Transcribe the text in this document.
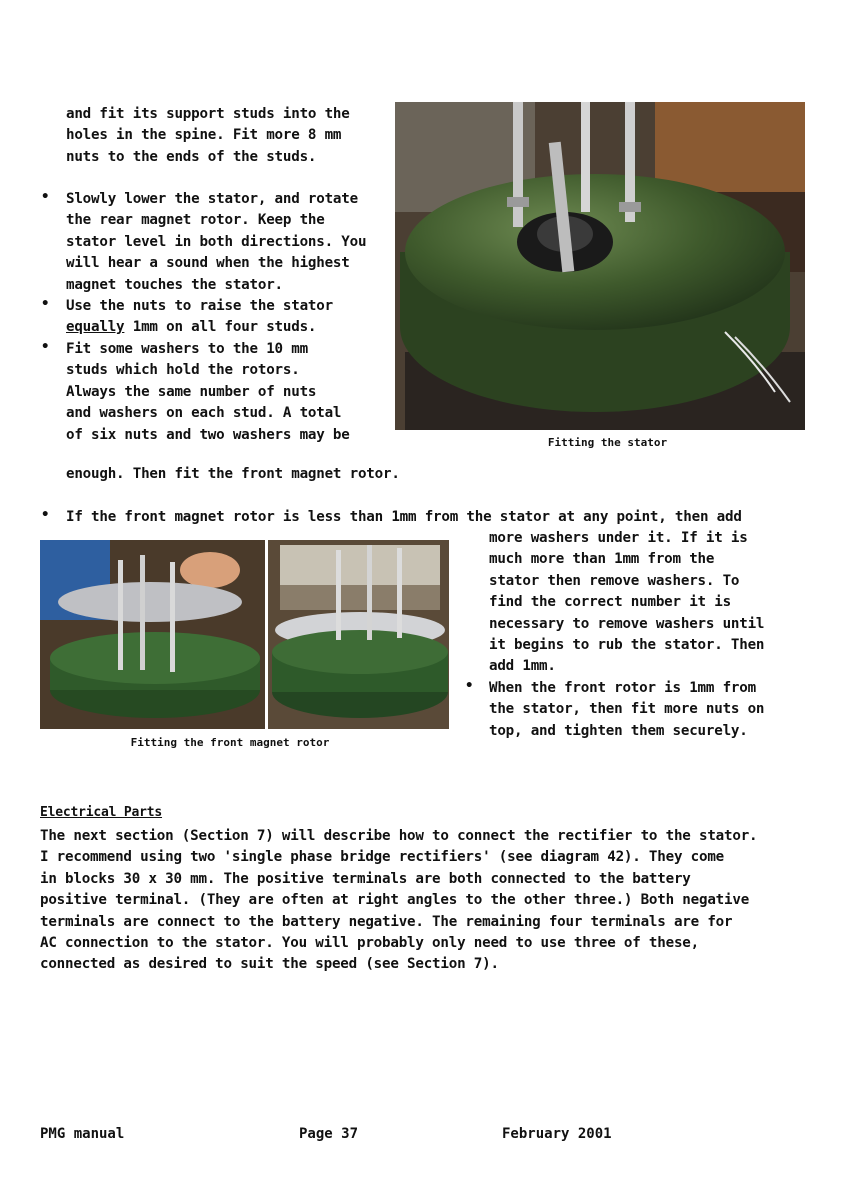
and fit its support studs into the

holes in the spine. Fit more 8 mm

nuts to the ends of the studs.

• Slowly lower the stator, and rotate

the rear magnet rotor. Keep the

stator level in both directions. You

will hear a sound when the highest

magnet touches the stator.

• Use the nuts to raise the stator

equally 1mm on all four studs.

• Fit some washers to the 10 mm

studs which hold the rotors.

Always the same number of nuts

and washers on each stud. A total

of six nuts and two washers may be

enough. Then fit the front magnet rotor.
Fitting the stator
• If the front magnet rotor is less than 1mm from the stator at any point, then add

more washers under it. If it is

much more than 1mm from the

stator then remove washers. To

find the correct number it is

necessary to remove washers until

it begins to rub the stator. Then

add 1mm.

• When the front rotor is 1mm from

the stator, then fit more nuts on

top, and tighten them securely.

Fitting the front magnet rotor
Electrical Parts

The next section (Section 7) will describe how to connect the rectifier to the stator.

I recommend using two 'single phase bridge rectifiers' (see diagram 42). They come

in blocks 30 x 30 mm. The positive terminals are both connected to the battery

positive terminal. (They are often at right angles to the other three.) Both negative

terminals are connect to the battery negative. The remaining four terminals are for

AC connection to the stator. You will probably only need to use three of these,

connected as desired to suit the speed (see Section 7).

PMG manual	Page 37	February 2001
